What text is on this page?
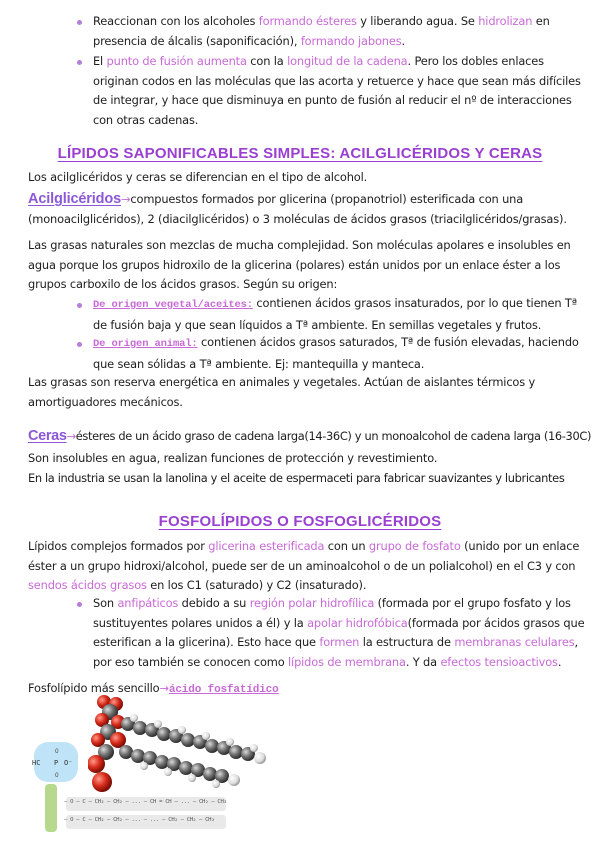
Reaccionan con los alcoholes formando ésteres y liberando agua. Se hidrolizan en presencia de álcalis (saponificación), formando jabones.

El punto de fusión aumenta con la longitud de la cadena. Pero los dobles enlaces originan codos en las moléculas que las acorta y retuerce y hace que sean más difíciles de integrar, y hace que disminuya en punto de fusión al reducir el nº de interacciones con otras cadenas.

LÍPIDOS SAPONIFICABLES SIMPLES: ACILGLICÉRIDOS Y CERAS

Los acilglicéridos y ceras se diferencian en el tipo de alcohol.

Acilglicéridos→compuestos formados por glicerina (propanotriol) esterificada con una (monoacilglicéridos), 2 (diacilglicéridos) o 3 moléculas de ácidos grasos (triacilglicéridos/grasas).

Las grasas naturales son mezclas de mucha complejidad. Son moléculas apolares e insolubles en agua porque los grupos hidroxilo de la glicerina (polares) están unidos por un enlace éster a los grupos carboxilo de los ácidos grasos. Según su origen:

De origen vegetal/aceites: contienen ácidos grasos insaturados, por lo que tienen Tª de fusión baja y que sean líquidos a Tª ambiente. En semillas vegetales y frutos.

De origen animal: contienen ácidos grasos saturados, Tª de fusión elevadas, haciendo que sean sólidas a Tª ambiente. Ej: mantequilla y manteca.

Las grasas son reserva energética en animales y vegetales. Actúan de aislantes térmicos y amortiguadores mecánicos.

Ceras→ésteres de un ácido graso de cadena larga(14-36C) y un monoalcohol de cadena larga (16-30C)

Son insolubles en agua, realizan funciones de protección y revestimiento.

En la industria se usan la lanolina y el aceite de espermaceti para fabricar suavizantes y lubricantes

FOSFOLÍPIDOS O FOSFOGLICÉRIDOS

Lípidos complejos formados por glicerina esterificada con un grupo de fosfato (unido por un enlace éster a un grupo hidroxi/alcohol, puede ser de un aminoalcohol o de un polialcohol) en el C3 y con sendos ácidos grasos en los C1 (saturado) y C2 (insaturado).

Son anfipáticos debido a su región polar hidrofílica (formada por el grupo fosfato y los sustituyentes polares unidos a él) y la apolar hidrofóbica(formada por ácidos grasos que esterifican a la glicerina). Esto hace que formen la estructura de membranas celulares, por eso también se conocen como lípidos de membrana. Y da efectos tensioactivos.

Fosfolípido más sencillo→ácido fosfatídico

HC P O⁻
O
O
— O — C — CH₂ — CH₂ — ... — CH = CH — ... — CH₂ — CH₃
— O — C — CH₂ — CH₂ — ... — ... — CH₂ — CH₂ — CH₃
